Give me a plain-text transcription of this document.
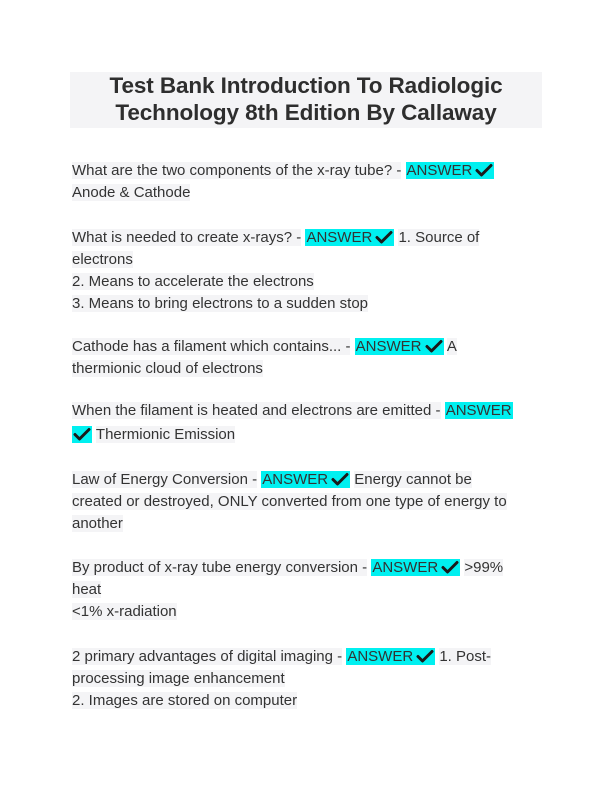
Test Bank Introduction To Radiologic
Technology 8th Edition By Callaway
What are the two components of the x-ray tube? - ANSWER
Anode & Cathode
What is needed to create x-rays? - ANSWER 1. Source of
electrons
2. Means to accelerate the electrons
3. Means to bring electrons to a sudden stop
Cathode has a filament which contains... - ANSWER A
thermionic cloud of electrons
When the filament is heated and electrons are emitted - ANSWER
Thermionic Emission
Law of Energy Conversion - ANSWER Energy cannot be
created or destroyed, ONLY converted from one type of energy to
another
By product of x-ray tube energy conversion - ANSWER >99%
heat
<1% x-radiation
2 primary advantages of digital imaging - ANSWER 1. Post-
processing image enhancement
2. Images are stored on computer
